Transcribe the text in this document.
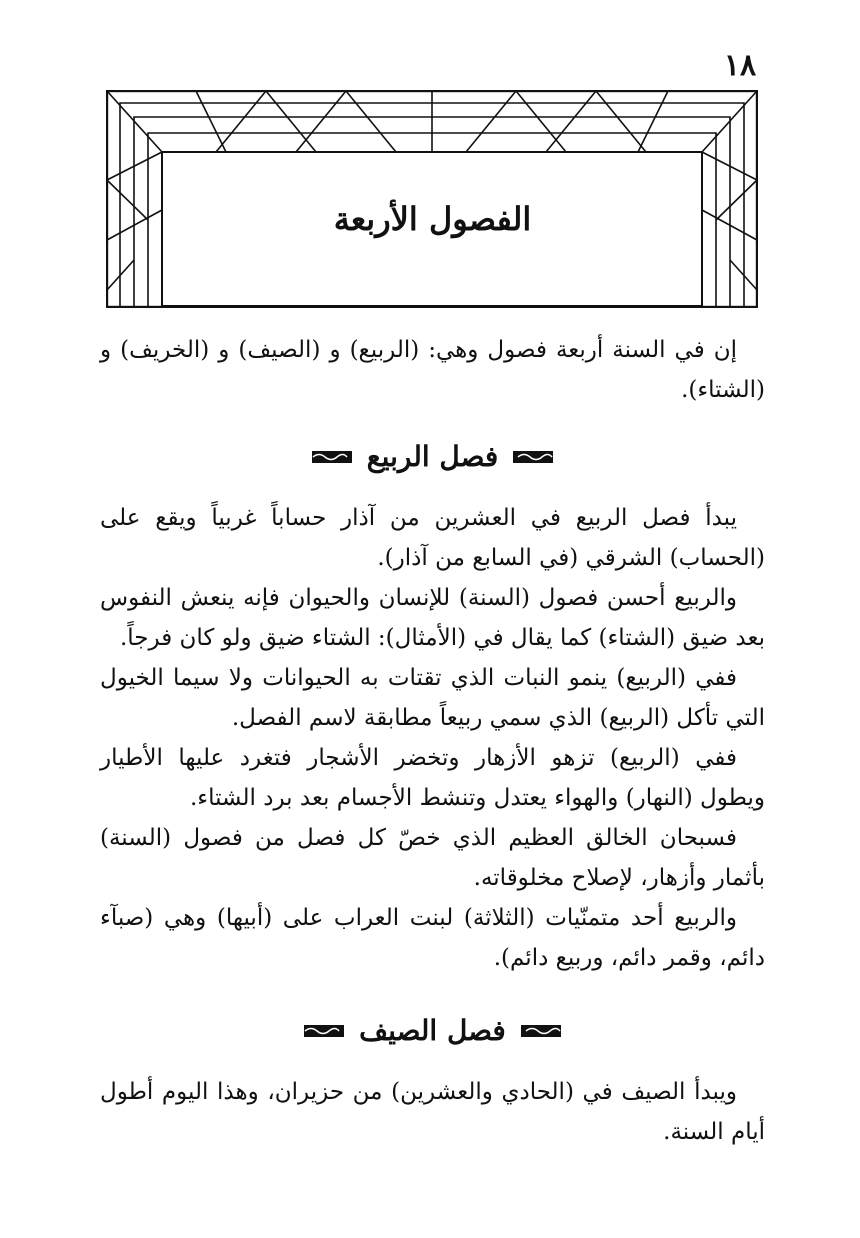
١٨
الفصول الأربعة

إن في السنة أربعة فصول وهي: (الربيع) و (الصيف) و (الخريف) و (الشتاء).

فصل الربيع

يبدأ فصل الربيع في العشرين من آذار حساباً غربياً ويقع على (الحساب) الشرقي (في السابع من آذار).

والربيع أحسن فصول (السنة) للإنسان والحيوان فإنه ينعش النفوس بعد ضيق (الشتاء) كما يقال في (الأمثال): الشتاء ضيق ولو كان فرجاً.

ففي (الربيع) ينمو النبات الذي تقتات به الحيوانات ولا سيما الخيول التي تأكل (الربيع) الذي سمي ربيعاً مطابقة لاسم الفصل.

ففي (الربيع) تزهو الأزهار وتخضر الأشجار فتغرد عليها الأطيار ويطول (النهار) والهواء يعتدل وتنشط الأجسام بعد برد الشتاء.

فسبحان الخالق العظيم الذي خصّ كل فصل من فصول (السنة) بأثمار وأزهار، لإصلاح مخلوقاته.

والربيع أحد متمنّيات (الثلاثة) لبنت العراب على (أبيها) وهي (صبآء دائم، وقمر دائم، وربيع دائم).

فصل الصيف

ويبدأ الصيف في (الحادي والعشرين) من حزيران، وهذا اليوم أطول أيام السنة.
